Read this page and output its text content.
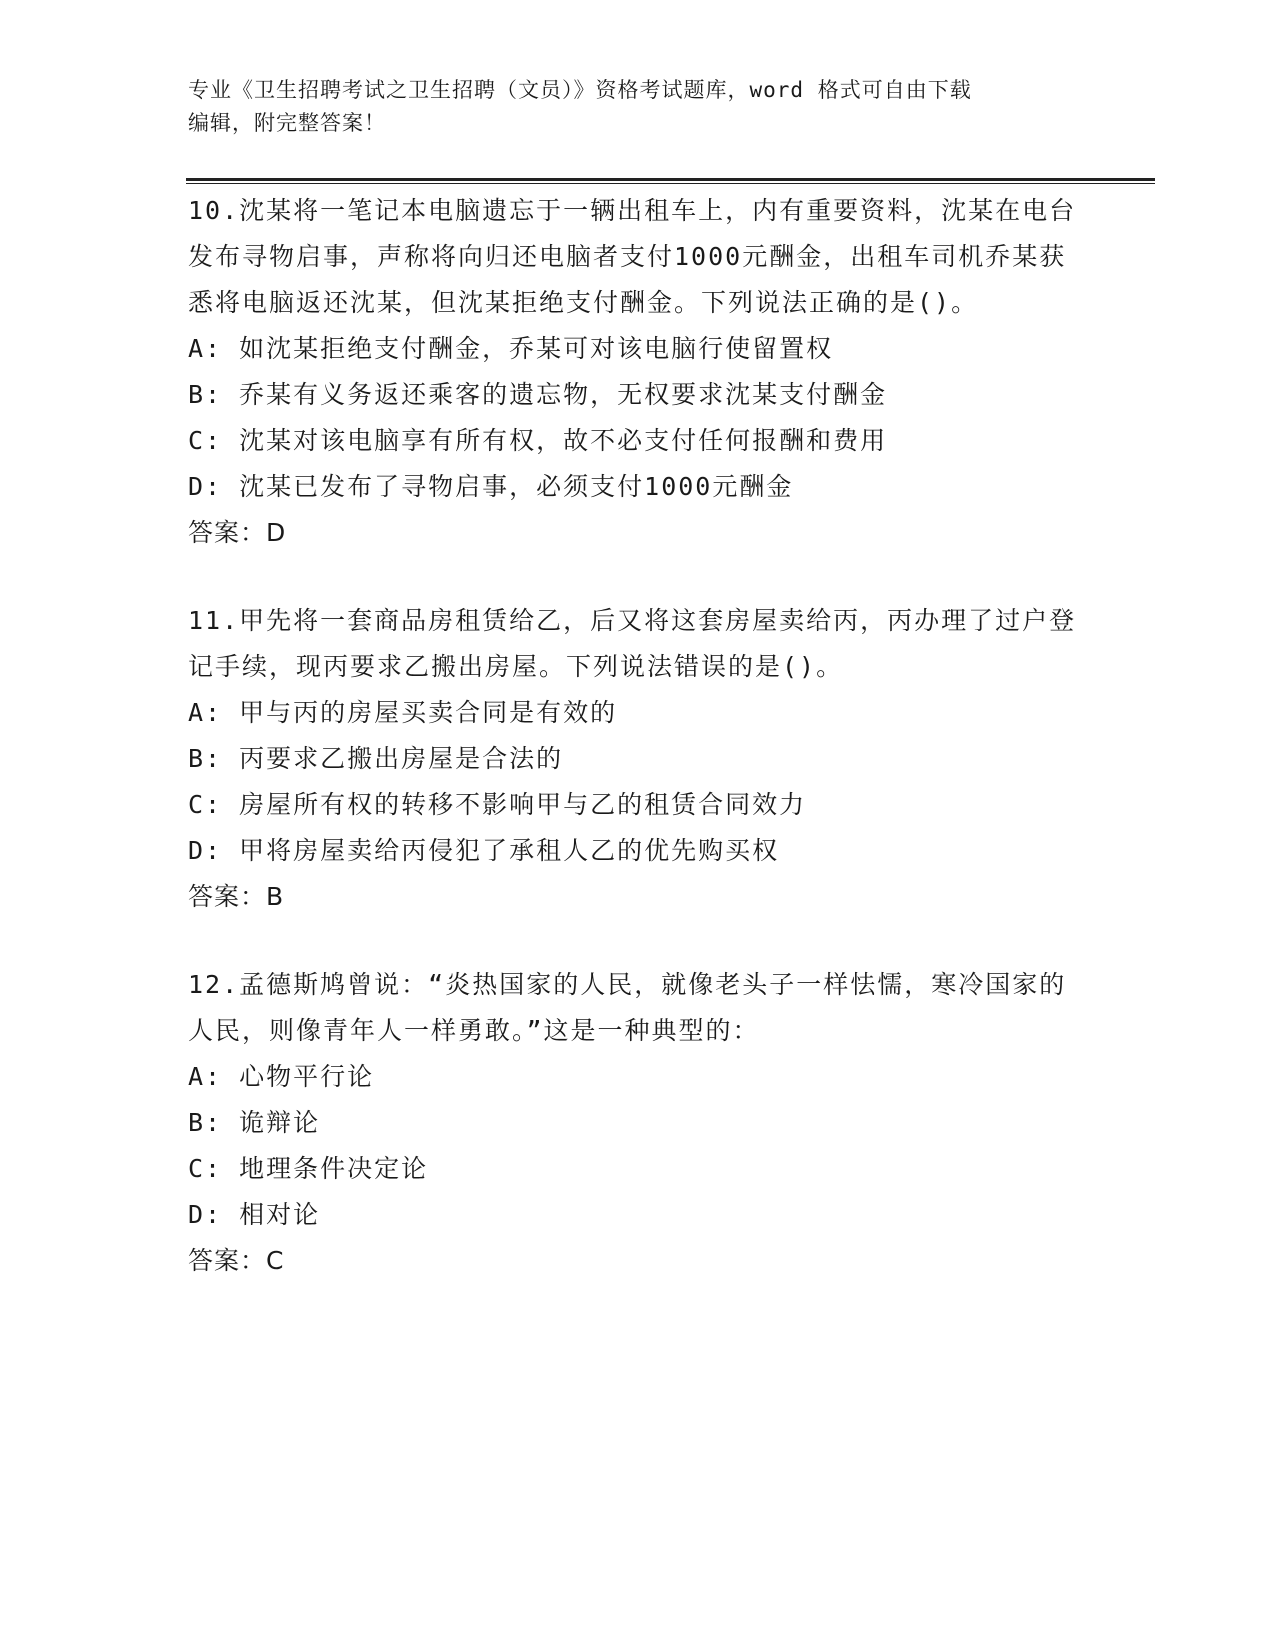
专业《卫生招聘考试之卫生招聘（文员）》资格考试题库，word 格式可自由下载
编辑，附完整答案！

10.沈某将一笔记本电脑遗忘于一辆出租车上，内有重要资料，沈某在电台发布寻物启事，声称将向归还电脑者支付1000元酬金，出租车司机乔某获悉将电脑返还沈某，但沈某拒绝支付酬金。下列说法正确的是()。

A: 如沈某拒绝支付酬金，乔某可对该电脑行使留置权

B: 乔某有义务返还乘客的遗忘物，无权要求沈某支付酬金

C: 沈某对该电脑享有所有权，故不必支付任何报酬和费用

D: 沈某已发布了寻物启事，必须支付1000元酬金

答案：D

11.甲先将一套商品房租赁给乙，后又将这套房屋卖给丙，丙办理了过户登记手续，现丙要求乙搬出房屋。下列说法错误的是()。

A: 甲与丙的房屋买卖合同是有效的

B: 丙要求乙搬出房屋是合法的

C: 房屋所有权的转移不影响甲与乙的租赁合同效力

D: 甲将房屋卖给丙侵犯了承租人乙的优先购买权

答案：B

12.孟德斯鸠曾说：“炎热国家的人民，就像老头子一样怯懦，寒冷国家的人民，则像青年人一样勇敢。”这是一种典型的：

A: 心物平行论

B: 诡辩论

C: 地理条件决定论

D: 相对论

答案：C
